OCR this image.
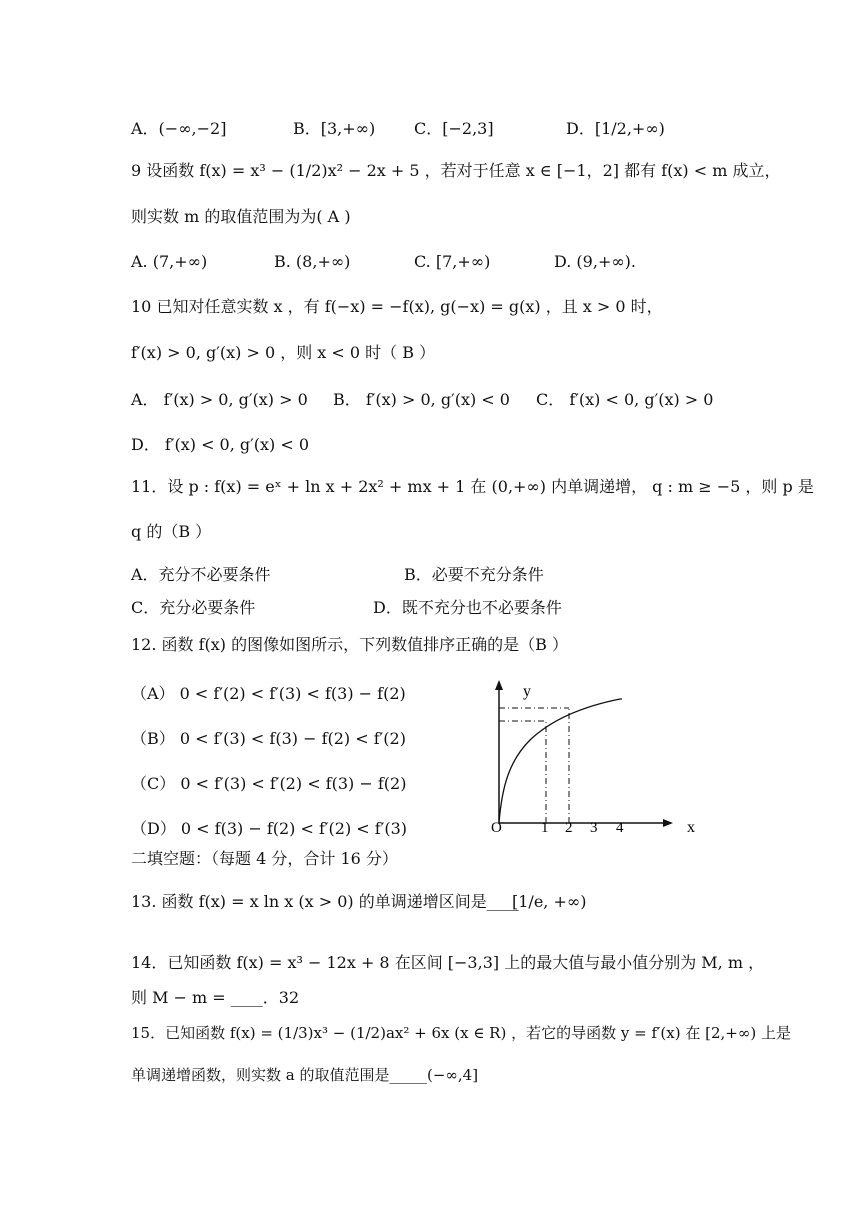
A．(−∞,−2]	B．[3,+∞) C．[−2,3]	D．[1/2,+∞)
9 设函数 f(x) = x³ − (1/2)x² − 2x + 5 ，若对于任意 x ∈ [−1，2] 都有 f(x) < m 成立，
则实数 m 的取值范围为为( A )
A. (7,+∞)	B. (8,+∞)	C. [7,+∞)	D. (9,+∞).
10 已知对任意实数 x ，有 f(−x) = −f(x), g(−x) = g(x) ，且 x > 0 时，
f′(x) > 0, g′(x) > 0 ，则 x < 0 时（ B ）
A． f′(x) > 0, g′(x) > 0 B． f′(x) > 0, g′(x) < 0 C． f′(x) < 0, g′(x) > 0
D． f′(x) < 0, g′(x) < 0
11．设 p : f(x) = eˣ + ln x + 2x² + mx + 1 在 (0,+∞) 内单调递增， q : m ≥ −5 ，则 p 是
q 的（B ）
A．充分不必要条件	B．必要不充分条件
C．充分必要条件	D．既不充分也不必要条件
12. 函数 f(x) 的图像如图所示，下列数值排序正确的是（B ）
（A） 0 < f′(2) < f′(3) < f(3) − f(2)
（B） 0 < f′(3) < f(3) − f(2) < f′(2)
（C） 0 < f′(3) < f′(2) < f(3) − f(2)
（D） 0 < f(3) − f(2) < f′(2) < f′(3)
y
x
O	1 2 3 4
二填空题：（每题 4 分，合计 16 分）
13. 函数 f(x) = x ln x (x > 0) 的单调递增区间是____
[1/e, +∞)
14．已知函数 f(x) = x³ − 12x + 8 在区间 [−3,3] 上的最大值与最小值分别为 M, m ，
则 M − m = ____．32
15．已知函数 f(x) = (1/3)x³ − (1/2)ax² + 6x (x ∈ R) ，若它的导函数 y = f′(x) 在 [2,+∞) 上是
单调递增函数，则实数 a 的取值范围是_____(−∞,4]
